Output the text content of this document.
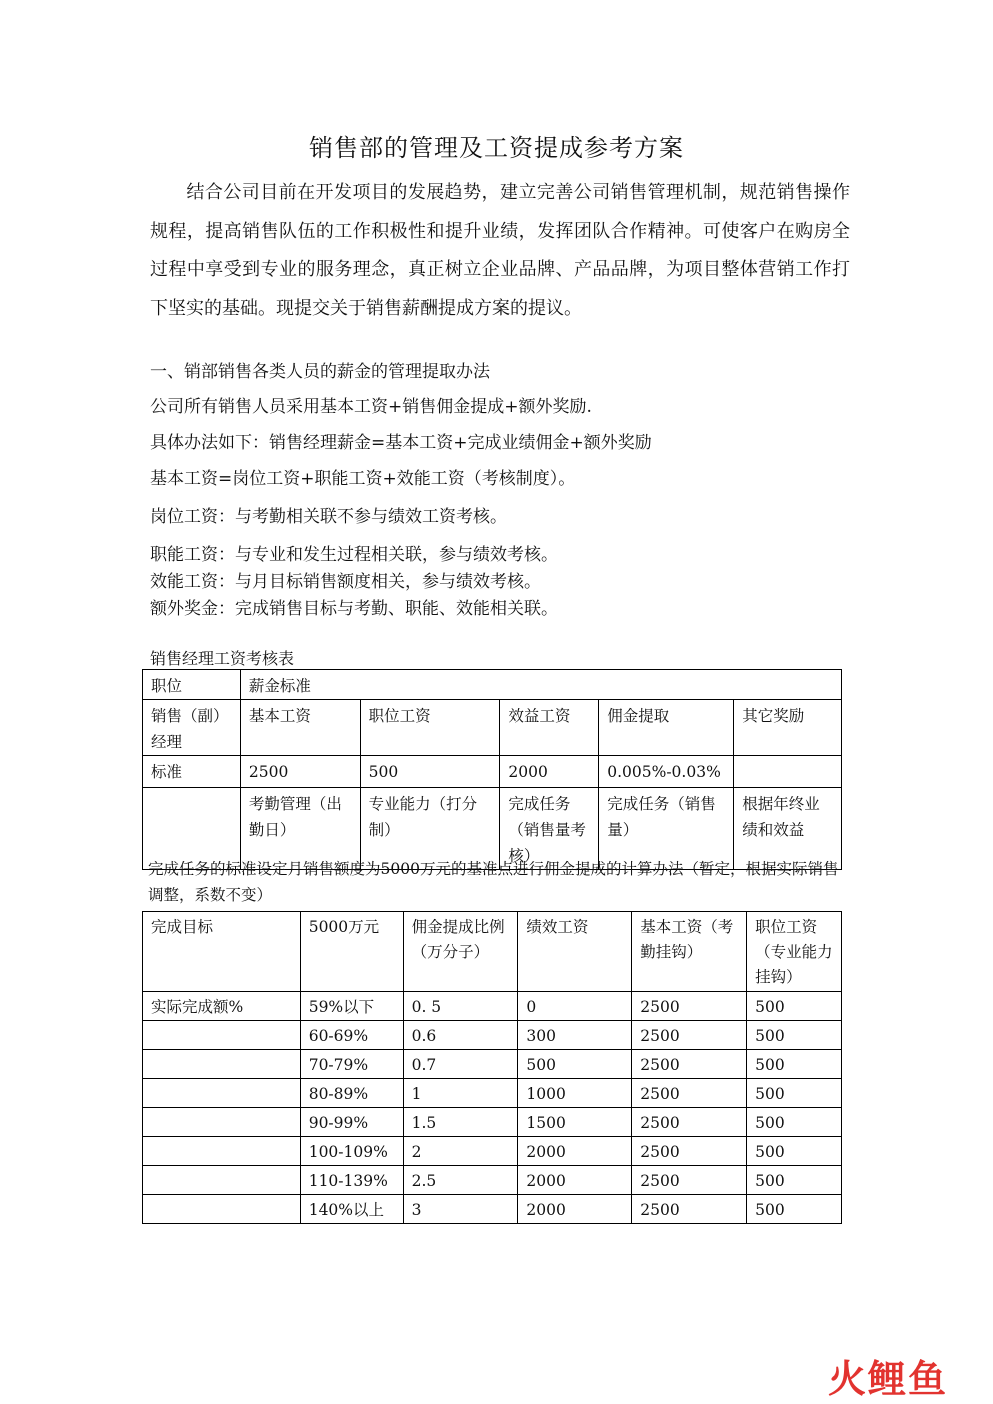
销售部的管理及工资提成参考方案
结合公司目前在开发项目的发展趋势，建立完善公司销售管理机制，规范销售操作规程，提高销售队伍的工作积极性和提升业绩，发挥团队合作精神。可使客户在购房全过程中享受到专业的服务理念，真正树立企业品牌、产品品牌，为项目整体营销工作打下坚实的基础。现提交关于销售薪酬提成方案的提议。
一、销部销售各类人员的薪金的管理提取办法
公司所有销售人员采用基本工资+销售佣金提成+额外奖励.
具体办法如下：销售经理薪金=基本工资+完成业绩佣金+额外奖励
基本工资=岗位工资+职能工资+效能工资（考核制度）。
岗位工资：与考勤相关联不参与绩效工资考核。
职能工资：与专业和发生过程相关联，参与绩效考核。
效能工资：与月目标销售额度相关，参与绩效考核。
额外奖金：完成销售目标与考勤、职能、效能相关联。
销售经理工资考核表
职位	薪金标准				
销售（副）经理	基本工资	职位工资	效益工资	佣金提取	其它奖励
标准	2500	500	2000	0.005%-0.03%	
	考勤管理（出勤日）	专业能力（打分制）	完成任务（销售量考核）	完成任务（销售量）	根据年终业绩和效益
完成任务的标准设定月销售额度为5000万元的基准点进行佣金提成的计算办法（暂定，根据实际销售调整，系数不变）
完成目标	5000万元	佣金提成比例（万分子）	绩效工资	基本工资（考勤挂钩）	职位工资（专业能力挂钩）
实际完成额%	59%以下	0. 5	0	2500	500
	60-69%	0.6	300	2500	500
	70-79%	0.7	500	2500	500
	80-89%	1	1000	2500	500
	90-99%	1.5	1500	2500	500
	100-109%	2	2000	2500	500
	110-139%	2.5	2000	2500	500
	140%以上	3	2000	2500	500
火鲤鱼
